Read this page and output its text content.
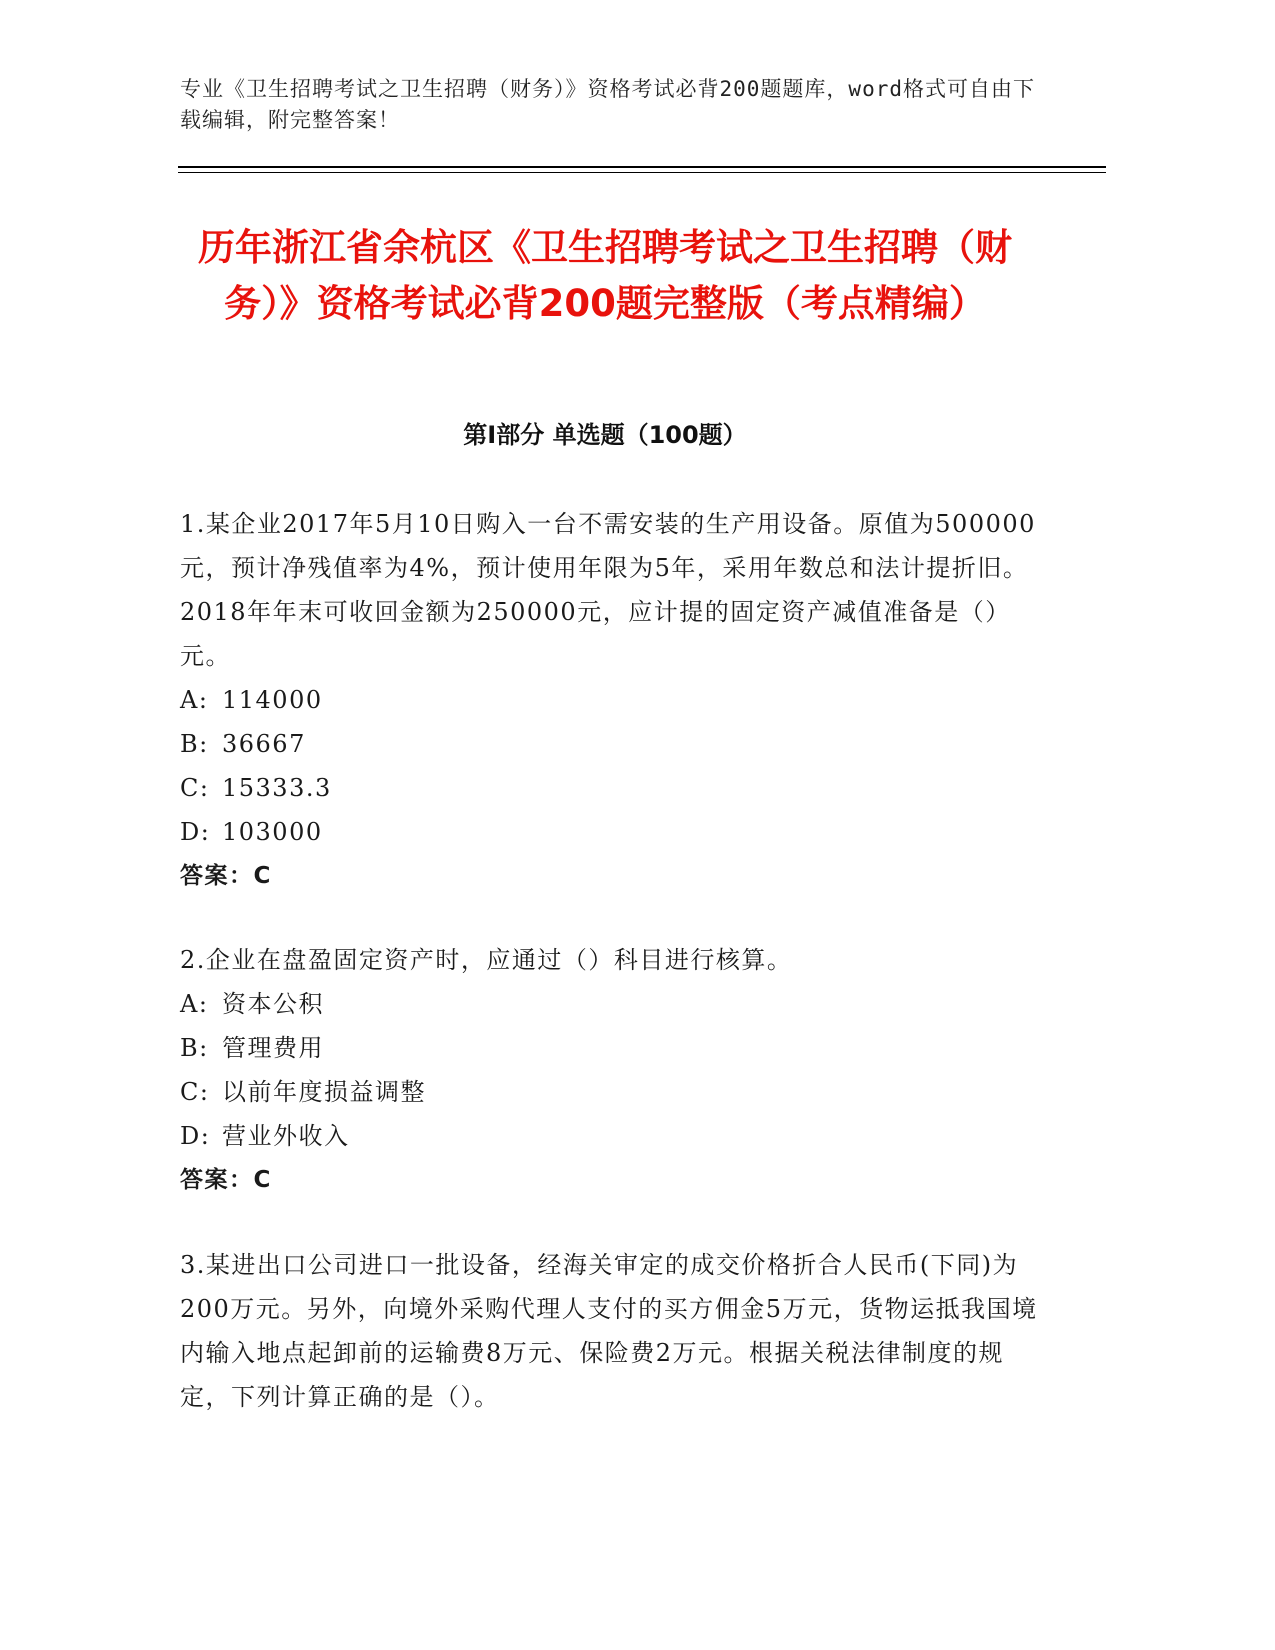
专业《卫生招聘考试之卫生招聘（财务）》资格考试必背200题题库，word格式可自由下载编辑，附完整答案！
历年浙江省余杭区《卫生招聘考试之卫生招聘（财务）》资格考试必背200题完整版（考点精编）
第Ⅰ部分 单选题（100题）

1.某企业2017年5月10日购入一台不需安装的生产用设备。原值为500000元，预计净残值率为4%，预计使用年限为5年，采用年数总和法计提折旧。2018年年末可收回金额为250000元，应计提的固定资产减值准备是（）元。

A: 114000

B: 36667

C: 15333.3

D: 103000

答案：C

2.企业在盘盈固定资产时，应通过（）科目进行核算。

A: 资本公积

B: 管理费用

C: 以前年度损益调整

D: 营业外收入

答案：C

3.某进出口公司进口一批设备，经海关审定的成交价格折合人民币(下同)为200万元。另外，向境外采购代理人支付的买方佣金5万元，货物运抵我国境内输入地点起卸前的运输费8万元、保险费2万元。根据关税法律制度的规定，下列计算正确的是（）。
